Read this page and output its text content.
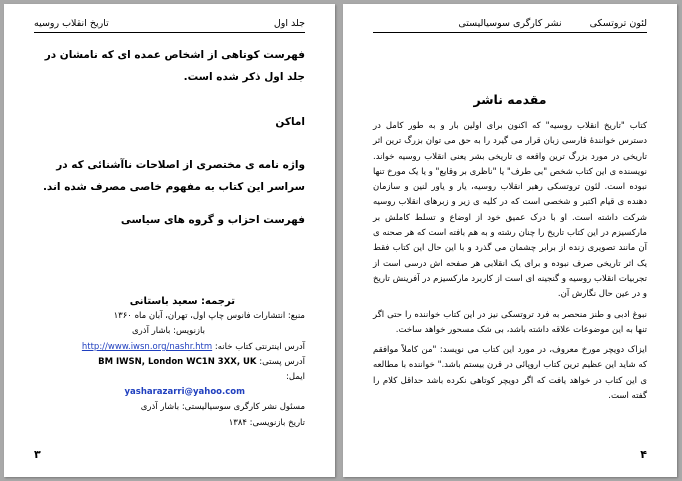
جلد اول
تاریخ انقلاب روسیه
فهرست کوتاهی از اشخاص عمده ای که نامشان در جلد اول ذکر شده است.
اماکن
واژه نامه ی مختصری از اصلاحات ناآشنائی که در سراسر این کتاب به مفهوم خاصی مصرف شده اند.
فهرست احزاب و گروه های سیاسی
ترجمه: سعید باستانی
منبع: انتشارات فانوس چاپ اول، تهران، آبان ماه ۱۳۶۰
بازنویس: باشار آذری
آدرس اینترنتی کتاب خانه: http://www.iwsn.org/nashr.htm
آدرس پستی: BM IWSN, London WC1N 3XX, UK
ایمل:
yasharazarri@yahoo.com
مسئول نشر کارگری سوسیالیستی: باشار آذری
تاریخ بازنویسی: ۱۳۸۴
۳
لئون تروتسکی
نشر کارگری سوسیالیستی
مقدمه ناشر

کتاب "تاریخ انقلاب روسیه" که اکنون برای اولین بار و به طور کامل در دسترس خوانندۀ فارسی زبان قرار می گیرد را به حق می توان بزرگ ترین اثر تاریخی در مورد بزرگ ترین واقعه ی تاریخی بشر یعنی انقلاب روسیه خواند. نویسنده ی این کتاب شخص "بی طرف" یا "ناظری بر وقایع" و یا یک مورخ تنها نبوده است. لئون تروتسکی رهبر انقلاب روسیه، یار و یاور لنین و سازمان دهنده ی قیام اکتبر و شخصی است که در کلیه ی زیر و زبرهای انقلاب روسیه شرکت داشته است. او با درک عمیق خود از اوضاع و تسلط کاملش بر مارکسیزم در این کتاب تاریخ را چنان رشته و به هم بافته است که هر صحنه ی آن مانند تصویری زنده از برابر چشمان می گذرد و با این حال این کتاب فقط یک اثر تاریخی صرف نبوده و برای یک انقلابی هر صفحه اش درسی است از تجربیات انقلاب روسیه و گنجینه ای است از کاربرد مارکسیزم در آفرینش تاریخ و در عین حال نگارش آن.

نبوغ ادبی و طنز منحصر به فرد تروتسکی نیز در این کتاب خواننده را حتی اگر تنها به این موضوعات علاقه داشته باشد، بی شک مسحور خواهد ساخت.

ایزاک دویچر مورخ معروف، در مورد این کتاب می نویسد: "من کاملاً موافقم که شاید این عظیم ترین کتاب اروپائی در قرن بیستم باشد." خواننده با مطالعه ی این کتاب در خواهد یافت که اگر دویچر کوتاهی نکرده باشد حداقل کلام را گفته است.

۴
